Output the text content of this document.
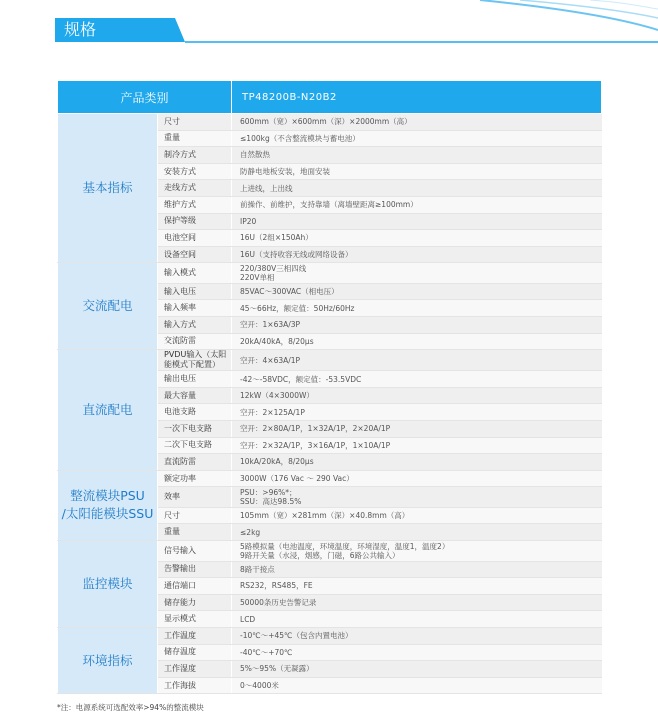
规格
产品类别		TP48200B-N20B2
基本指标	尺寸	600mm（宽）×600mm（深）×2000mm（高）
	重量	≤100kg（不含整流模块与蓄电池）
	制冷方式	自然散热
	安装方式	防静电地板安装，地面安装
	走线方式	上进线，上出线
	维护方式	前操作、前维护，支持靠墙（离墙壁距离≥100mm）
	保护等级	IP20
	电池空间	16U（2组×150Ah）
	设备空间	16U（支持收容无线或网络设备）
交流配电	输入模式	220/380V三相四线
220V单相
	输入电压	85VAC～300VAC（相电压）
	输入频率	45～66Hz，额定值：50Hz/60Hz
	输入方式	空开：1×63A/3P
	交流防雷	20kA/40kA，8/20μs
直流配电	PVDU输入（太阳能模式下配置）	空开：4×63A/1P
	输出电压	-42～-58VDC，额定值：-53.5VDC
	最大容量	12kW（4×3000W）
	电池支路	空开：2×125A/1P
	一次下电支路	空开：2×80A/1P，1×32A/1P，2×20A/1P
	二次下电支路	空开：2×32A/1P，3×16A/1P，1×10A/1P
	直流防雷	10kA/20kA，8/20μs
整流模块PSU
/太阳能模块SSU	额定功率	3000W（176 Vac ～ 290 Vac）
	效率	PSU：>96%*；
SSU：高达98.5%
	尺寸	105mm（宽）×281mm（深）×40.8mm（高）
	重量	≤2kg
监控模块	信号输入	5路模拟量（电池温度，环境温度，环境湿度，温度1，温度2）
9路开关量（水浸，烟感，门磁，6路公共输入）
	告警输出	8路干接点
	通信端口	RS232，RS485，FE
	储存能力	50000条历史告警记录
	显示模式	LCD
环境指标	工作温度	-10℃～+45℃（包含内置电池）
	储存温度	-40℃～+70℃
	工作湿度	5%～95%（无凝露）
	工作海拔	0～4000米
*注：电源系统可选配效率>94%的整流模块
